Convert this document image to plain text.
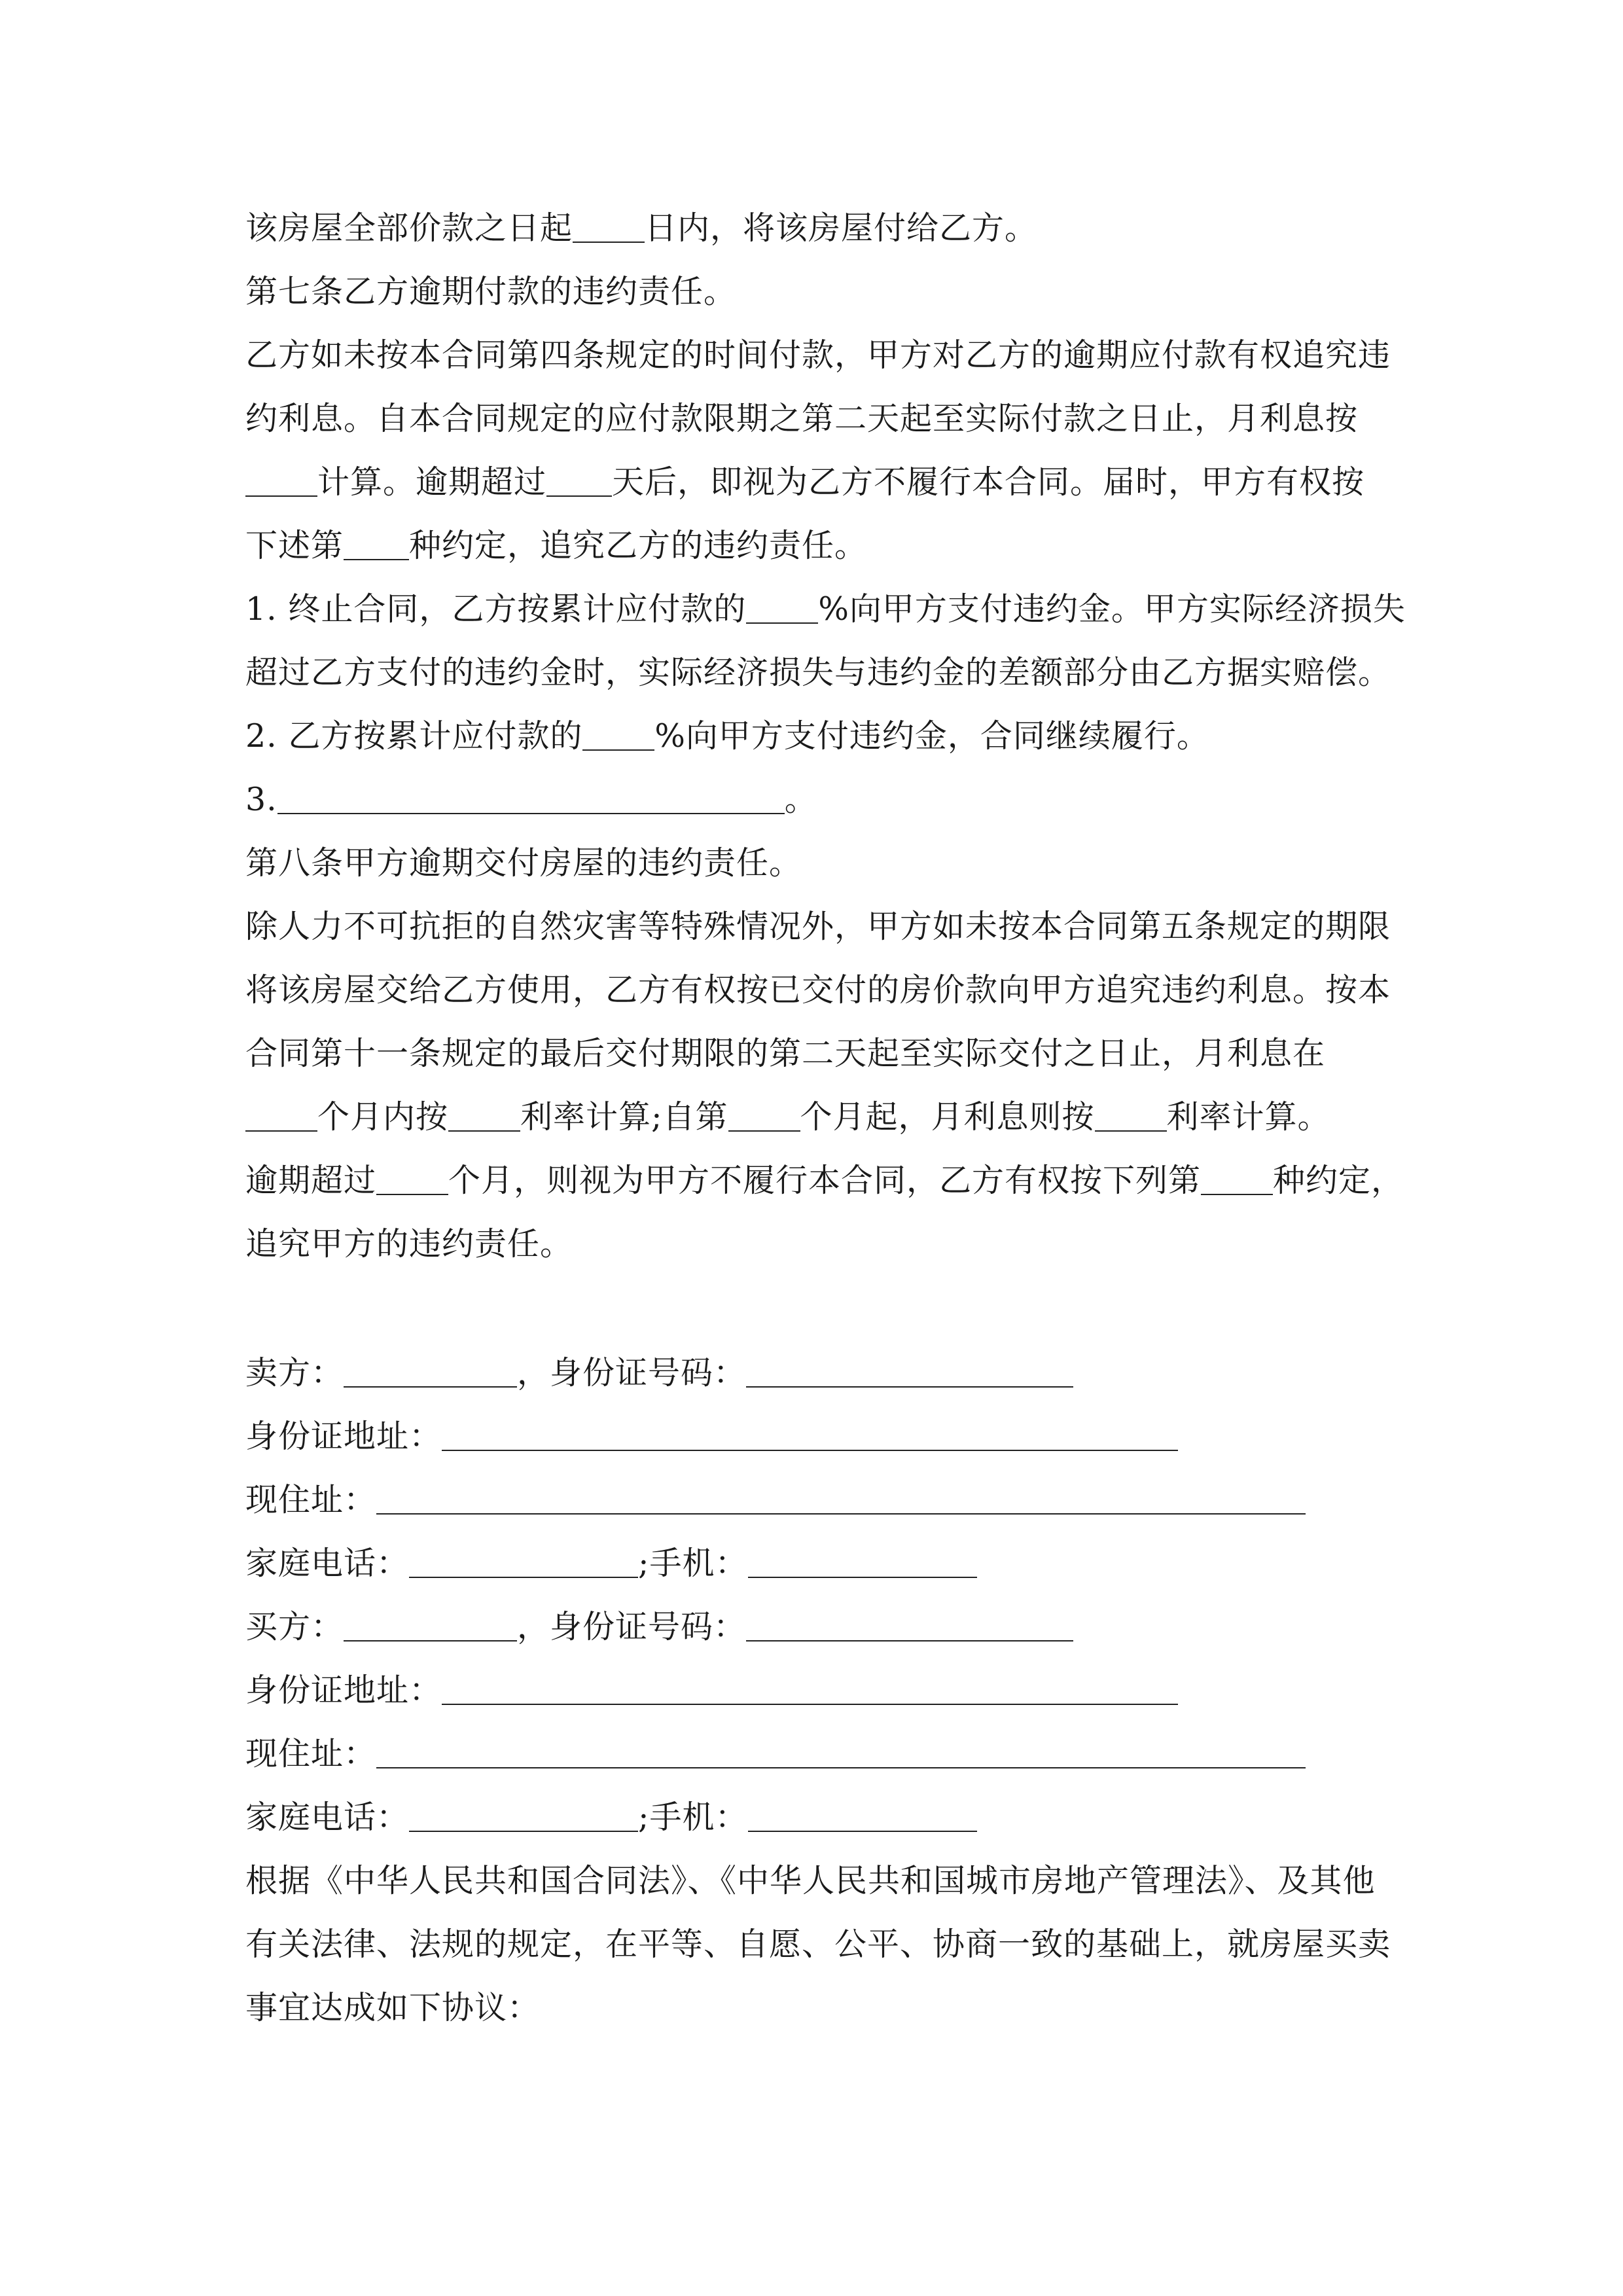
该房屋全部价款之日起 日内，将该房屋付给乙方。

第七条乙方逾期付款的违约责任。

乙方如未按本合同第四条规定的时间付款，甲方对乙方的逾期应付款有权追究违

约利息。自本合同规定的应付款限期之第二天起至实际付款之日止，月利息按

计算。逾期超过 天后，即视为乙方不履行本合同。届时，甲方有权按

下述第 种约定，追究乙方的违约责任。

1. 终止合同，乙方按累计应付款的 %向甲方支付违约金。甲方实际经济损失

超过乙方支付的违约金时，实际经济损失与违约金的差额部分由乙方据实赔偿。

2. 乙方按累计应付款的 %向甲方支付违约金，合同继续履行。

3.	。

第八条甲方逾期交付房屋的违约责任。

除人力不可抗拒的自然灾害等特殊情况外，甲方如未按本合同第五条规定的期限

将该房屋交给乙方使用，乙方有权按已交付的房价款向甲方追究违约利息。按本

合同第十一条规定的最后交付期限的第二天起至实际交付之日止，月利息在

个月内按 利率计算;自第 个月起，月利息则按 利率计算。

逾期超过 个月，则视为甲方不履行本合同，乙方有权按下列第 种约定，

追究甲方的违约责任。

卖方：	，身份证号码：

身份证地址：

现住址：

家庭电话：	;手机：

买方：	，身份证号码：

身份证地址：

现住址：

家庭电话：	;手机：

根据《中华人民共和国合同法》、《中华人民共和国城市房地产管理法》、及其他

有关法律、法规的规定，在平等、自愿、公平、协商一致的基础上，就房屋买卖

事宜达成如下协议：
